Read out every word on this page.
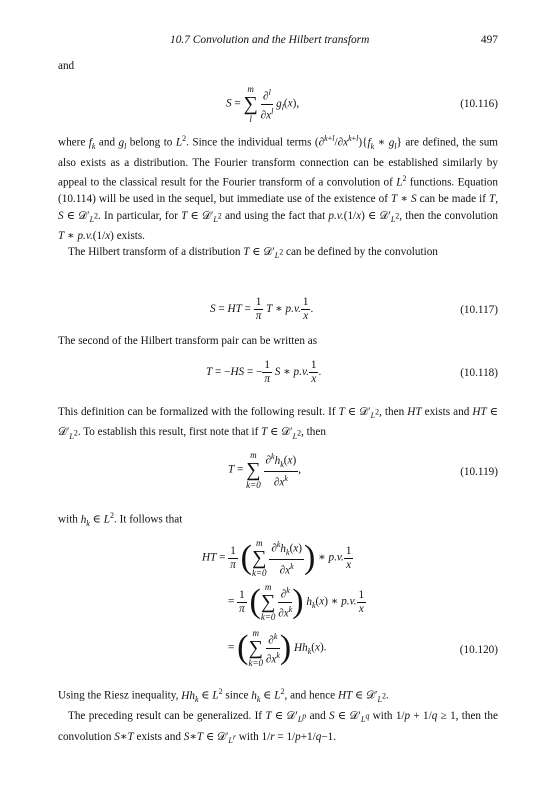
10.7 Convolution and the Hilbert transform	497
and
S =
m
∑
l
$\frac{\partial^l}{\partial x^l} g_l(x)$,	(10.116)

where $f_k$ and $g_l$ belong to $L^2$. Since the individual terms $(\partial^{k+l}/\partial x^{k+l})\{f_k$ ∗ $g_l$} are defined, the sum also exists as a distribution. The Fourier transform connection can be established similarly by appeal to the classical result for the Fourier transform of a convolution of $L^2$ functions. Equation (10.114) will be used in the sequel, but immediate use of the existence of T ∗ S can be made if T, S ∈ $𝒟'_{L^2}$. In particular, for T ∈ $𝒟'_{L^2}$ and using the fact that p.v.(1/x) ∈ $𝒟'_{L^2}$, then the convolution T ∗ p.v.(1/x) exists.

The Hilbert transform of a distribution T ∈ $𝒟'_{L^2}$ can be defined by the convolution

S = HT = $\frac{1}{\pi}$ T ∗ p.v. $\frac{1}{x}$ .	(10.117)
The second of the Hilbert transform pair can be written as
T = −HS = − $\frac{1}{\pi}$ S ∗ p.v. $\frac{1}{x}$ .	(10.118)

This definition can be formalized with the following result. If T ∈ $𝒟'_{L^2}$, then HT exists and HT ∈ $𝒟'_{L^2}$. To establish this result, first note that if T ∈ $𝒟'_{L^2}$, then

T =
m
∑
k=0
$\frac{\partial^kh_k(x)}{\partial x^k}$ ,	(10.119)

with $h_k$ ∈ $L^2$. It follows that

HT = $\frac{1}{\pi}$ ( m
∑
k=0
$\frac{\partial^kh_k(x)}{\partial x^k}$ ) ∗ p.v. $\frac{1}{x}$
= $\frac{1}{\pi}$ ( m
∑
k=0
$\frac{\partial^k}{\partial x^k}$ ) $h_k(x)$ ∗ p.v. $\frac{1}{x}$
= ( m
∑
k=0
$\frac{\partial^k}{\partial x^k}$ ) $Hh_k(x)$.	(10.120)

Using the Riesz inequality, $Hh_k$ ∈ $L^2$ since $h_k$ ∈ $L^2$, and hence HT ∈ $𝒟'_{L^2}$.

The preceding result can be generalized. If T ∈ $𝒟'_{L^p}$ and S ∈ $𝒟'_{L^q}$ with 1/p + 1/q ≥ 1, then the convolution S∗T exists and S∗T ∈ $𝒟'_{L^r}$ with 1/r = 1/p+1/q−1.
